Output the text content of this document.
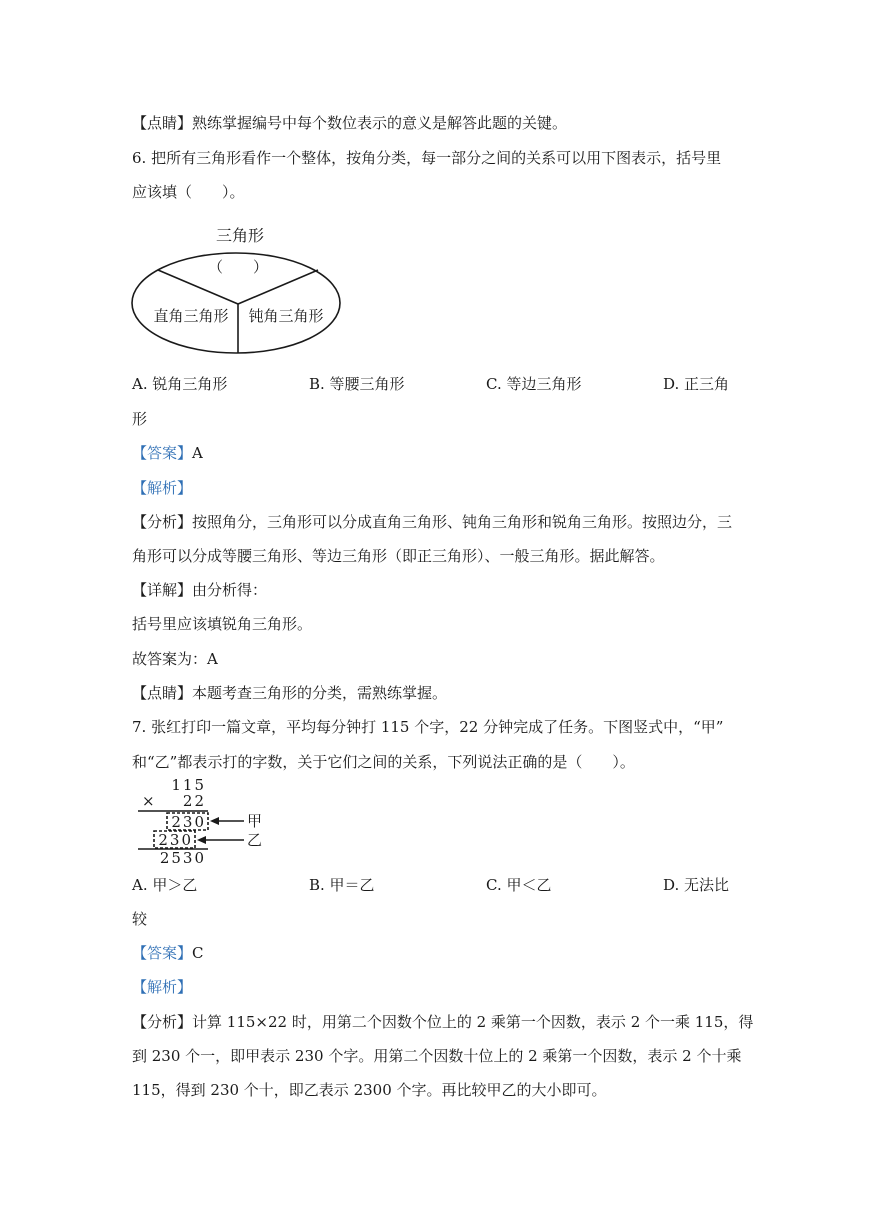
【点睛】熟练掌握编号中每个数位表示的意义是解答此题的关键。
6. 把所有三角形看作一个整体，按角分类，每一部分之间的关系可以用下图表示，括号里
应该填（　　）。
三角形
（　　）
直角三角形 钝角三角形
A. 锐角三角形	B. 等腰三角形	C. 等边三角形	D. 正三角
形
【答案】A
【解析】
【分析】按照角分，三角形可以分成直角三角形、钝角三角形和锐角三角形。按照边分，三
角形可以分成等腰三角形、等边三角形（即正三角形）、一般三角形。据此解答。
【详解】由分析得：
括号里应该填锐角三角形。
故答案为：A
【点睛】本题考查三角形的分类，需熟练掌握。
7. 张红打印一篇文章，平均每分钟打 115 个字，22 分钟完成了任务。下图竖式中，“甲”
和“乙”都表示打的字数，关于它们之间的关系，下列说法正确的是（　　）。
115
× 22
230
230
2530
甲
乙
A. 甲＞乙	B. 甲＝乙	C. 甲＜乙	D. 无法比
较
【答案】C
【解析】
【分析】计算 115×22 时，用第二个因数个位上的 2 乘第一个因数，表示 2 个一乘 115，得
到 230 个一，即甲表示 230 个字。用第二个因数十位上的 2 乘第一个因数，表示 2 个十乘
115，得到 230 个十，即乙表示 2300 个字。再比较甲乙的大小即可。
